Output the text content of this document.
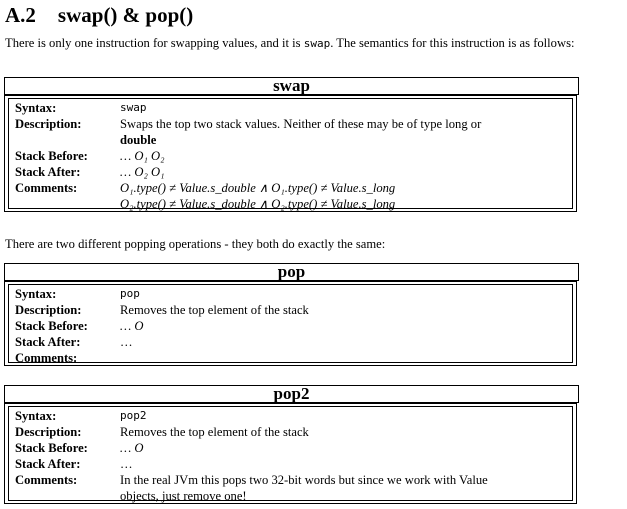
A.2 swap() & pop()
There is only one instruction for swapping values, and it is swap. The semantics for this instruction is as follows:
swap
Syntax:	swap
Description:	Swaps the top two stack values. Neither of these may be of type long or
double
Stack Before:	… O₁ O₂
Stack After:	… O₂ O₁
Comments:	O₁.type() ≠ Value.s_double ∧ O₁.type() ≠ Value.s_long
O₂.type() ≠ Value.s_double ∧ O₂.type() ≠ Value.s_long
There are two different popping operations - they both do exactly the same:
pop
Syntax:	pop
Description:	Removes the top element of the stack
Stack Before:	… O
Stack After:	…
Comments:
pop2
Syntax:	pop2
Description:	Removes the top element of the stack
Stack Before:	… O
Stack After:	…
Comments:	In the real JVm this pops two 32-bit words but since we work with Value
objects, just remove one!
